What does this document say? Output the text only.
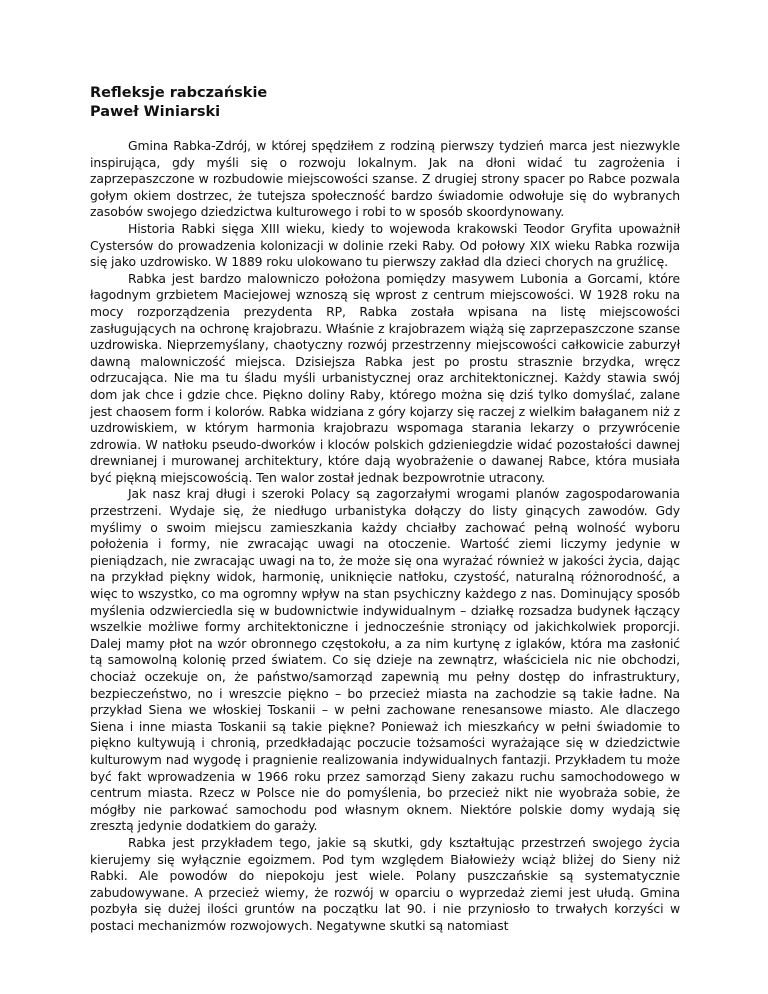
Refleksje rabczańskie
Paweł Winiarski

Gmina Rabka-Zdrój, w której spędziłem z rodziną pierwszy tydzień marca jest niezwykle inspirująca, gdy myśli się o rozwoju lokalnym. Jak na dłoni widać tu zagrożenia i zaprzepaszczone w rozbudowie miejscowości szanse. Z drugiej strony spacer po Rabce pozwala gołym okiem dostrzec, że tutejsza społeczność bardzo świadomie odwołuje się do wybranych zasobów swojego dziedzictwa kulturowego i robi to w sposób skoordynowany.

Historia Rabki sięga XIII wieku, kiedy to wojewoda krakowski Teodor Gryfita upoważnił Cystersów do prowadzenia kolonizacji w dolinie rzeki Raby. Od połowy XIX wieku Rabka rozwija się jako uzdrowisko. W 1889 roku ulokowano tu pierwszy zakład dla dzieci chorych na gruźlicę.

Rabka jest bardzo malowniczo położona pomiędzy masywem Lubonia a Gorcami, które łagodnym grzbietem Maciejowej wznoszą się wprost z centrum miejscowości. W 1928 roku na mocy rozporządzenia prezydenta RP, Rabka została wpisana na listę miejscowości zasługujących na ochronę krajobrazu. Właśnie z krajobrazem wiążą się zaprzepaszczone szanse uzdrowiska. Nieprzemyślany, chaotyczny rozwój przestrzenny miejscowości całkowicie zaburzył dawną malowniczość miejsca. Dzisiejsza Rabka jest po prostu strasznie brzydka, wręcz odrzucająca. Nie ma tu śladu myśli urbanistycznej oraz architektonicznej. Każdy stawia swój dom jak chce i gdzie chce. Piękno doliny Raby, którego można się dziś tylko domyślać, zalane jest chaosem form i kolorów. Rabka widziana z góry kojarzy się raczej z wielkim bałaganem niż z uzdrowiskiem, w którym harmonia krajobrazu wspomaga starania lekarzy o przywrócenie zdrowia. W natłoku pseudo-dworków i kloców polskich gdzieniegdzie widać pozostałości dawnej drewnianej i murowanej architektury, które dają wyobrażenie o dawanej Rabce, która musiała być piękną miejscowością. Ten walor został jednak bezpowrotnie utracony.

Jak nasz kraj długi i szeroki Polacy są zagorzałymi wrogami planów zagospodarowania przestrzeni. Wydaje się, że niedługo urbanistyka dołączy do listy ginących zawodów. Gdy myślimy o swoim miejscu zamieszkania każdy chciałby zachować pełną wolność wyboru położenia i formy, nie zwracając uwagi na otoczenie. Wartość ziemi liczymy jedynie w pieniądzach, nie zwracając uwagi na to, że może się ona wyrażać również w jakości życia, dając na przykład piękny widok, harmonię, uniknięcie natłoku, czystość, naturalną różnorodność, a więc to wszystko, co ma ogromny wpływ na stan psychiczny każdego z nas. Dominujący sposób myślenia odzwierciedla się w budownictwie indywidualnym – działkę rozsadza budynek łączący wszelkie możliwe formy architektoniczne i jednocześnie stroniący od jakichkolwiek proporcji. Dalej mamy płot na wzór obronnego częstokołu, a za nim kurtynę z iglaków, która ma zasłonić tą samowolną kolonię przed światem. Co się dzieje na zewnątrz, właściciela nic nie obchodzi, chociaż oczekuje on, że państwo/samorząd zapewnią mu pełny dostęp do infrastruktury, bezpieczeństwo, no i wreszcie piękno – bo przecież miasta na zachodzie są takie ładne. Na przykład Siena we włoskiej Toskanii – w pełni zachowane renesansowe miasto. Ale dlaczego Siena i inne miasta Toskanii są takie piękne? Ponieważ ich mieszkańcy w pełni świadomie to piękno kultywują i chronią, przedkładając poczucie tożsamości wyrażające się w dziedzictwie kulturowym nad wygodę i pragnienie realizowania indywidualnych fantazji. Przykładem tu może być fakt wprowadzenia w 1966 roku przez samorząd Sieny zakazu ruchu samochodowego w centrum miasta. Rzecz w Polsce nie do pomyślenia, bo przecież nikt nie wyobraża sobie, że mógłby nie parkować samochodu pod własnym oknem. Niektóre polskie domy wydają się zresztą jedynie dodatkiem do garaży.

Rabka jest przykładem tego, jakie są skutki, gdy kształtując przestrzeń swojego życia kierujemy się wyłącznie egoizmem. Pod tym względem Białowieży wciąż bliżej do Sieny niż Rabki. Ale powodów do niepokoju jest wiele. Polany puszczańskie są systematycznie zabudowywane. A przecież wiemy, że rozwój w oparciu o wyprzedaż ziemi jest ułudą. Gmina pozbyła się dużej ilości gruntów na początku lat 90. i nie przyniosło to trwałych korzyści w postaci mechanizmów rozwojowych. Negatywne skutki są natomiast
